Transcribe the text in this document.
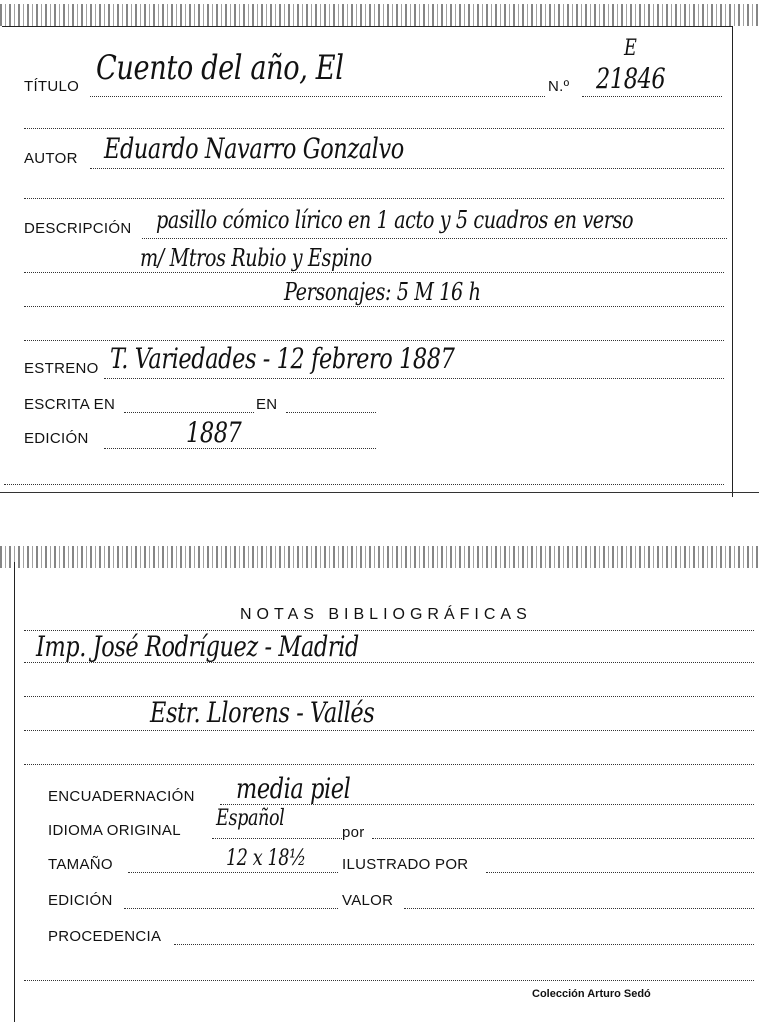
TÍTULO Cuento del año, El	N.º 21846
E
AUTOR Eduardo Navarro Gonzalvo
DESCRIPCIÓN pasillo cómico lírico en 1 acto y 5 cuadros en verso
m/ Mtros Rubio y Espino
Personajes: 5 M 16 h
ESTRENO T. Variedades - 12 febrero 1887
ESCRITA EN	EN
EDICIÓN	1887
NOTAS BIBLIOGRÁFICAS
Imp. José Rodríguez - Madrid
Estr. Llorens - Vallés
ENCUADERNACIÓN media piel
IDIOMA ORIGINAL Español
por
TAMAÑO	12 x 18½ ILUSTRADO POR
EDICIÓN	VALOR
PROCEDENCIA
Colección Arturo Sedó
